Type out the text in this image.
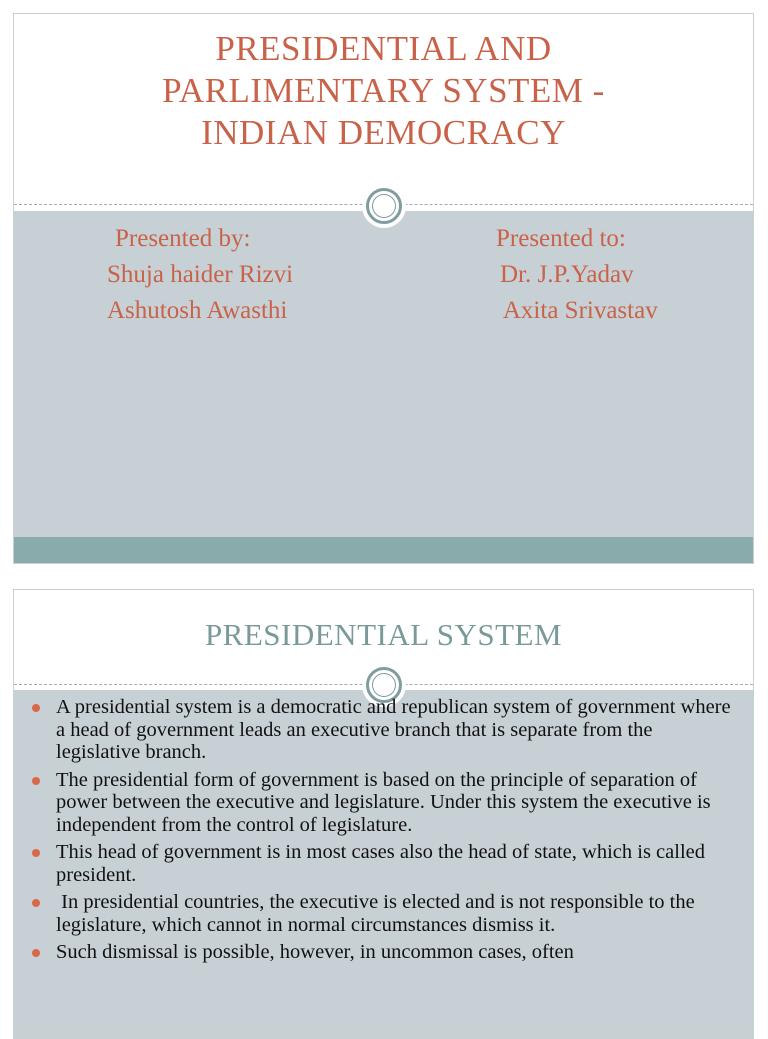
PRESIDENTIAL AND
PARLIMENTARY SYSTEM -
INDIAN DEMOCRACY
Presented by:
Shuja haider Rizvi
Ashutosh Awasthi
Presented to:
Dr. J.P.Yadav
Axita Srivastav
PRESIDENTIAL SYSTEM
A presidential system is a democratic and republican system of government where a head of government leads an executive branch that is separate from the legislative branch.
The presidential form of government is based on the principle of separation of power between the executive and legislature. Under this system the executive is independent from the control of legislature.
This head of government is in most cases also the head of state, which is called president.
In presidential countries, the executive is elected and is not responsible to the legislature, which cannot in normal circumstances dismiss it.
Such dismissal is possible, however, in uncommon cases, often
